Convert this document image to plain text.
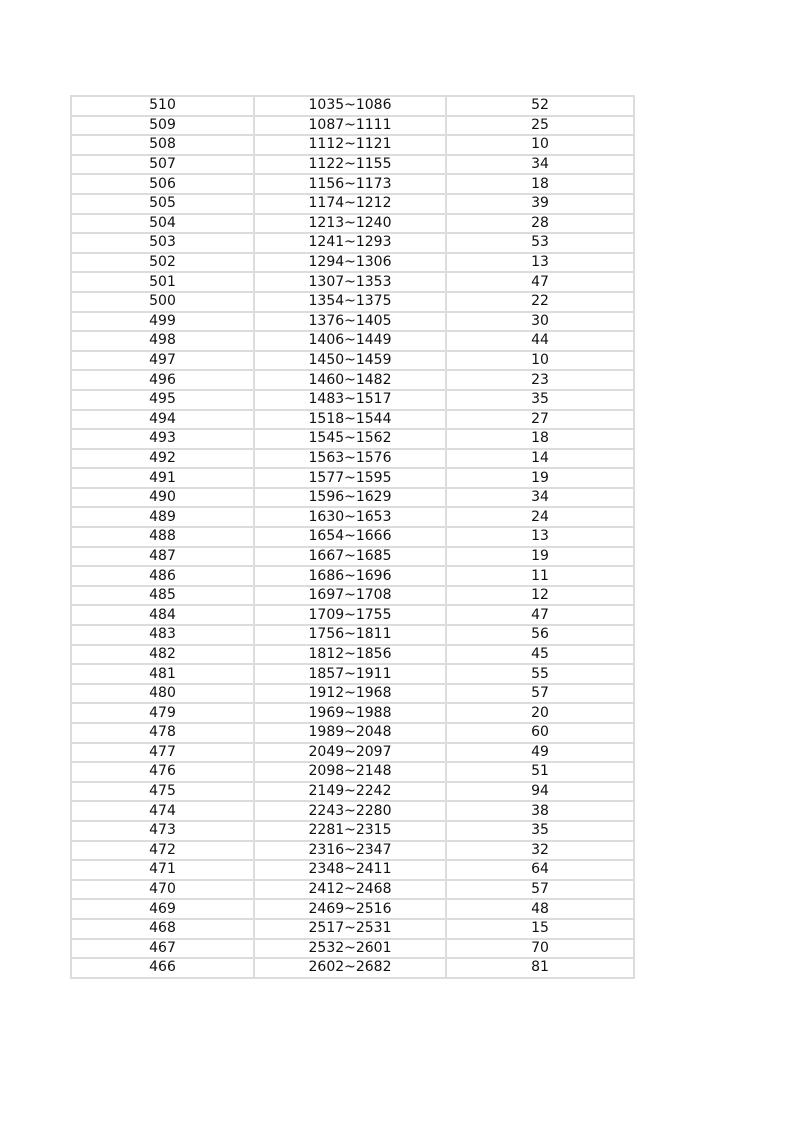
510	1035~1086	52
509	1087~1111	25
508	1112~1121	10
507	1122~1155	34
506	1156~1173	18
505	1174~1212	39
504	1213~1240	28
503	1241~1293	53
502	1294~1306	13
501	1307~1353	47
500	1354~1375	22
499	1376~1405	30
498	1406~1449	44
497	1450~1459	10
496	1460~1482	23
495	1483~1517	35
494	1518~1544	27
493	1545~1562	18
492	1563~1576	14
491	1577~1595	19
490	1596~1629	34
489	1630~1653	24
488	1654~1666	13
487	1667~1685	19
486	1686~1696	11
485	1697~1708	12
484	1709~1755	47
483	1756~1811	56
482	1812~1856	45
481	1857~1911	55
480	1912~1968	57
479	1969~1988	20
478	1989~2048	60
477	2049~2097	49
476	2098~2148	51
475	2149~2242	94
474	2243~2280	38
473	2281~2315	35
472	2316~2347	32
471	2348~2411	64
470	2412~2468	57
469	2469~2516	48
468	2517~2531	15
467	2532~2601	70
466	2602~2682	81
